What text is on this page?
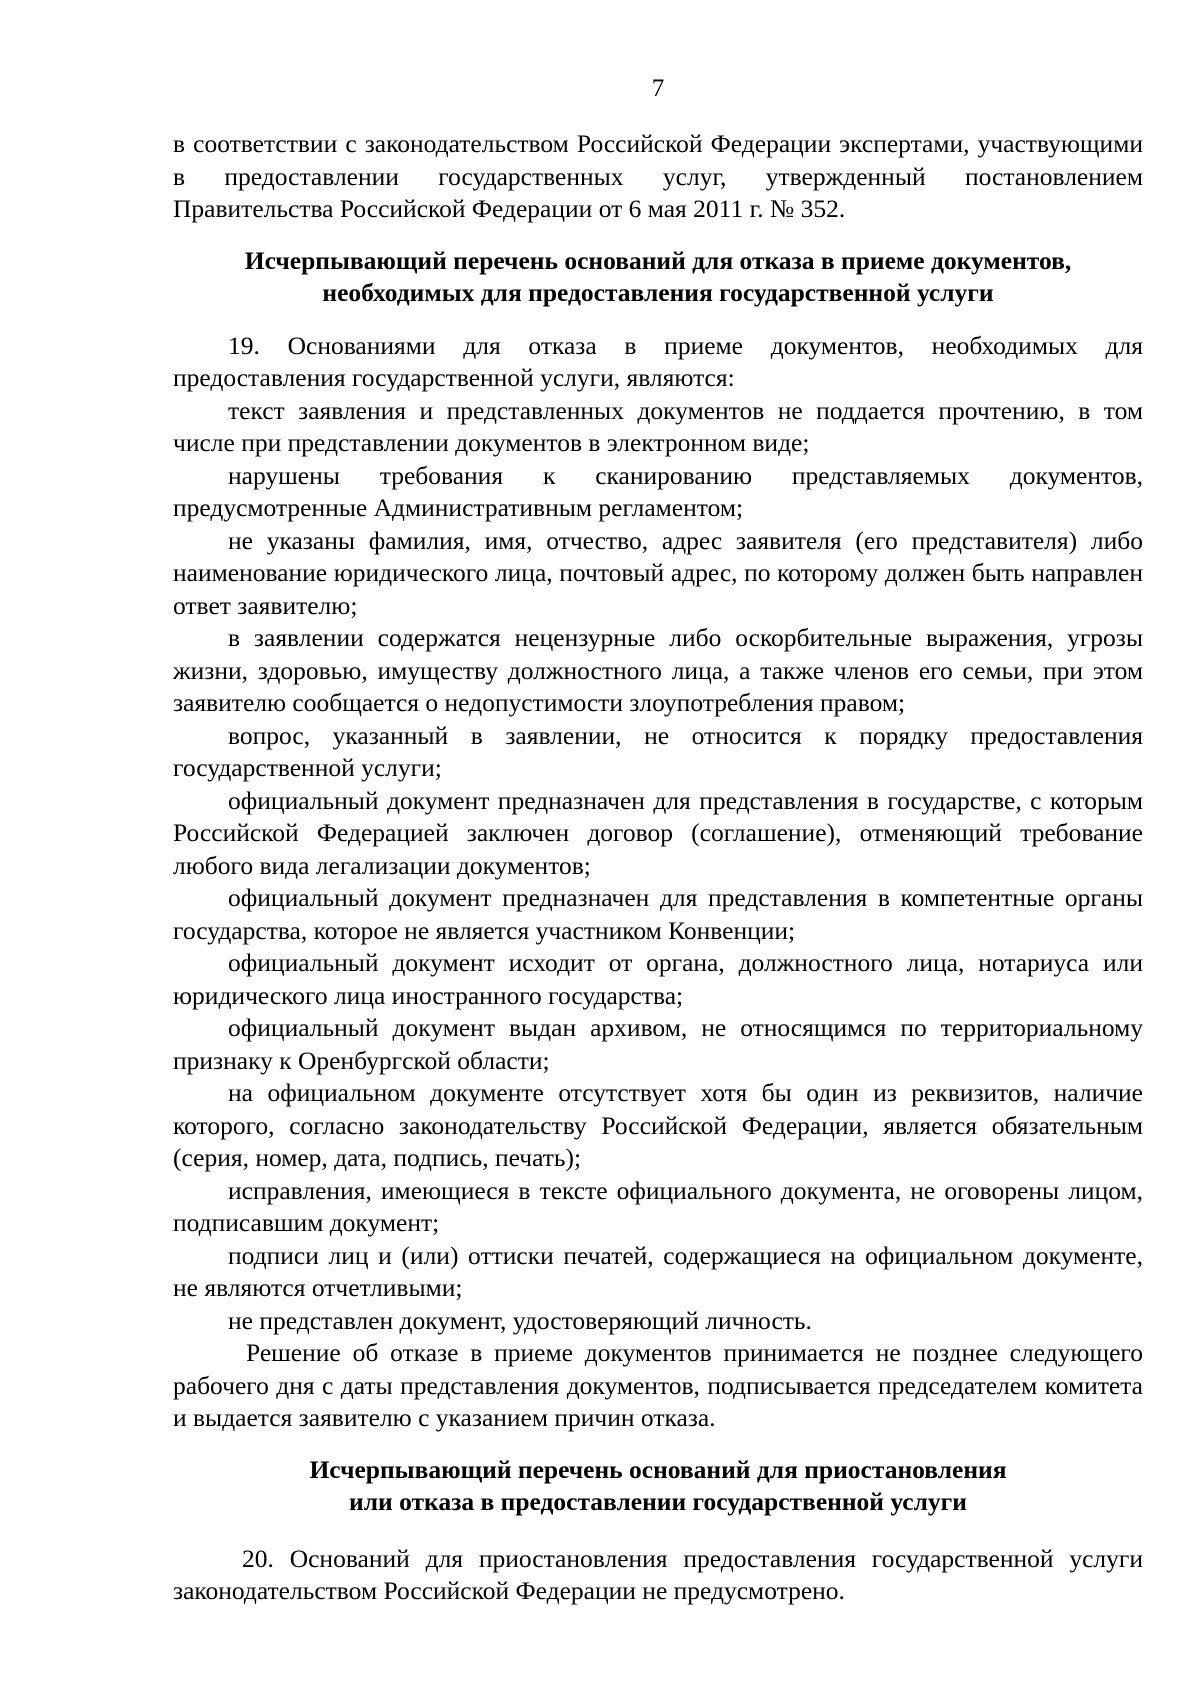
7

в соответствии с законодательством Российской Федерации экспертами, участвующими в предоставлении государственных услуг, утвержденный постановлением Правительства Российской Федерации от 6 мая 2011 г. № 352.

Исчерпывающий перечень оснований для отказа в приеме документов,
необходимых для предоставления государственной услуги

19. Основаниями для отказа в приеме документов, необходимых для предоставления государственной услуги, являются:

текст заявления и представленных документов не поддается прочтению, в том числе при представлении документов в электронном виде;

нарушены требования к сканированию представляемых документов, предусмотренные Административным регламентом;

не указаны фамилия, имя, отчество, адрес заявителя (его представителя) либо наименование юридического лица, почтовый адрес, по которому должен быть направлен ответ заявителю;

в заявлении содержатся нецензурные либо оскорбительные выражения, угрозы жизни, здоровью, имуществу должностного лица, а также членов его семьи, при этом заявителю сообщается о недопустимости злоупотребления правом;

вопрос, указанный в заявлении, не относится к порядку предоставления государственной услуги;

официальный документ предназначен для представления в государстве, с которым Российской Федерацией заключен договор (соглашение), отменяющий требование любого вида легализации документов;

официальный документ предназначен для представления в компетентные органы государства, которое не является участником Конвенции;

официальный документ исходит от органа, должностного лица, нотариуса или юридического лица иностранного государства;

официальный документ выдан архивом, не относящимся по территориальному признаку к Оренбургской области;

на официальном документе отсутствует хотя бы один из реквизитов, наличие которого, согласно законодательству Российской Федерации, является обязательным (серия, номер, дата, подпись, печать);

исправления, имеющиеся в тексте официального документа, не оговорены лицом, подписавшим документ;

подписи лиц и (или) оттиски печатей, содержащиеся на официальном документе, не являются отчетливыми;

не представлен документ, удостоверяющий личность.

Решение об отказе в приеме документов принимается не позднее следующего рабочего дня с даты представления документов, подписывается председателем комитета и выдается заявителю с указанием причин отказа.

Исчерпывающий перечень оснований для приостановления
или отказа в предоставлении государственной услуги

20. Оснований для приостановления предоставления государственной услуги законодательством Российской Федерации не предусмотрено.
